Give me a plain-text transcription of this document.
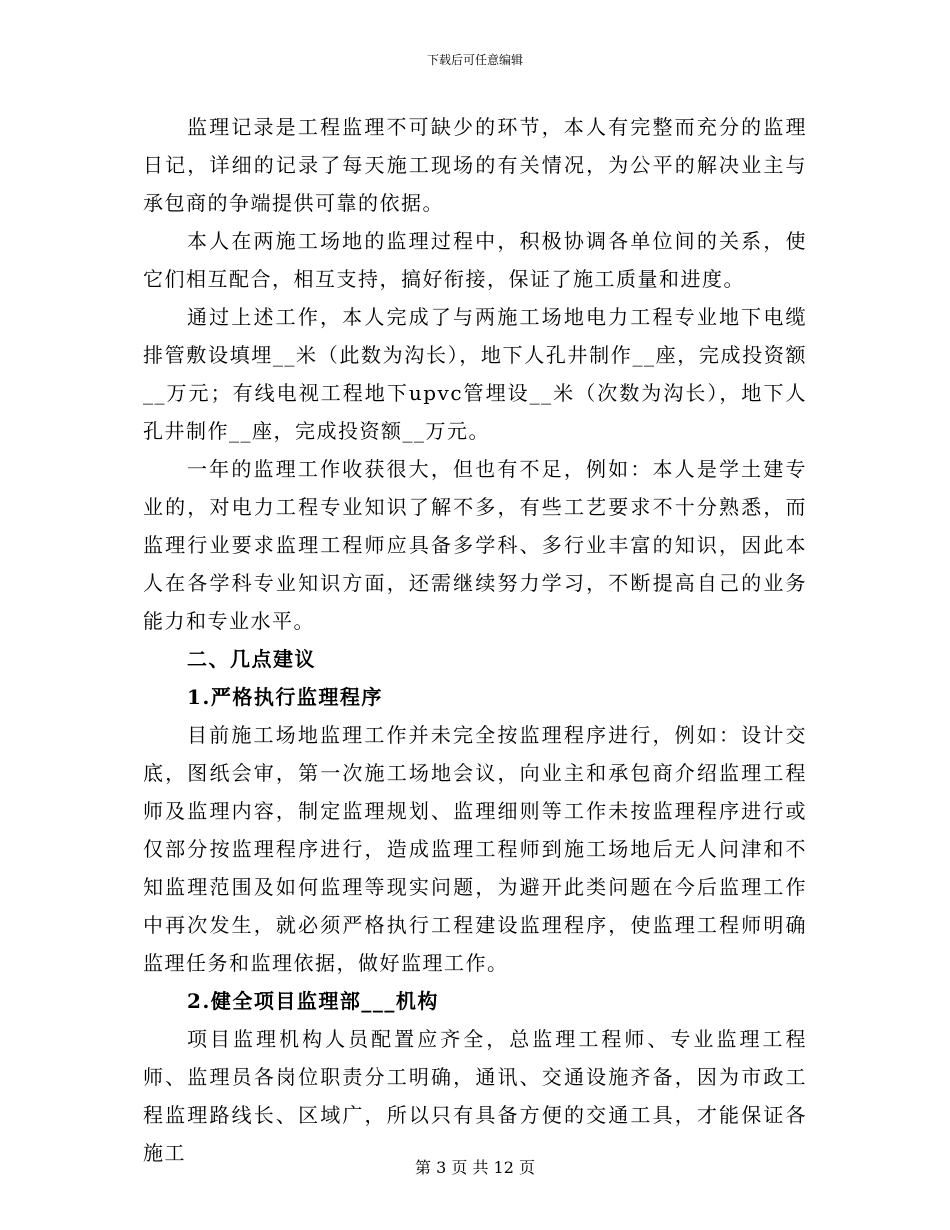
下载后可任意编辑

监理记录是工程监理不可缺少的环节，本人有完整而充分的监理日记，详细的记录了每天施工现场的有关情况，为公平的解决业主与承包商的争端提供可靠的依据。

本人在两施工场地的监理过程中，积极协调各单位间的关系，使它们相互配合，相互支持，搞好衔接，保证了施工质量和进度。

通过上述工作，本人完成了与两施工场地电力工程专业地下电缆排管敷设填埋__米（此数为沟长），地下人孔井制作__座，完成投资额__万元；有线电视工程地下upvc管埋设__米（次数为沟长），地下人孔井制作__座，完成投资额__万元。

一年的监理工作收获很大，但也有不足，例如：本人是学土建专业的，对电力工程专业知识了解不多，有些工艺要求不十分熟悉，而监理行业要求监理工程师应具备多学科、多行业丰富的知识，因此本人在各学科专业知识方面，还需继续努力学习，不断提高自己的业务能力和专业水平。

二、几点建议

1.严格执行监理程序

目前施工场地监理工作并未完全按监理程序进行，例如：设计交底，图纸会审，第一次施工场地会议，向业主和承包商介绍监理工程师及监理内容，制定监理规划、监理细则等工作未按监理程序进行或仅部分按监理程序进行，造成监理工程师到施工场地后无人问津和不知监理范围及如何监理等现实问题，为避开此类问题在今后监理工作中再次发生，就必须严格执行工程建设监理程序，使监理工程师明确监理任务和监理依据，做好监理工作。

2.健全项目监理部___机构

项目监理机构人员配置应齐全，总监理工程师、专业监理工程师、监理员各岗位职责分工明确，通讯、交通设施齐备，因为市政工程监理路线长、区域广，所以只有具备方便的交通工具，才能保证各施工

第 3 页 共 12 页
